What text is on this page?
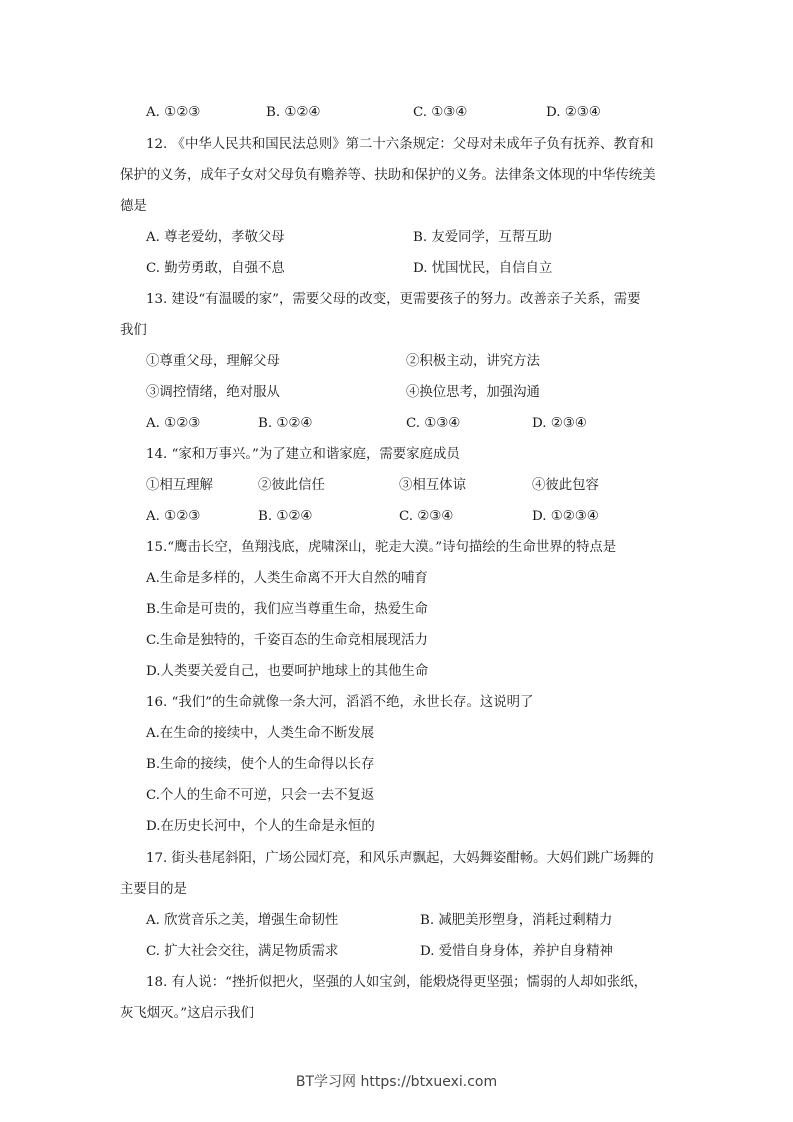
A. ①②③	B. ①②④	C. ①③④	D. ②③④
12. 《中华人民共和国民法总则》第二十六条规定：父母对未成年子负有抚养、教育和
保护的义务，成年子女对父母负有赡养等、扶助和保护的义务。法律条文体现的中华传统美
德是
A. 尊老爱幼，孝敬父母	B. 友爱同学，互帮互助
C. 勤劳勇敢，自强不息	D. 忧国忧民，自信自立
13. 建设“有温暖的家”，需要父母的改变，更需要孩子的努力。改善亲子关系，需要
我们
①尊重父母，理解父母	②积极主动，讲究方法
③调控情绪，绝对服从	④换位思考，加强沟通
A. ①②③	B. ①②④	C. ①③④	D. ②③④
14. “家和万事兴。”为了建立和谐家庭，需要家庭成员
①相互理解	②彼此信任	③相互体谅	④彼此包容
A. ①②③	B. ①②④	C. ②③④	D. ①②③④
15.“鹰击长空，鱼翔浅底，虎啸深山，驼走大漠。”诗句描绘的生命世界的特点是
A.生命是多样的，人类生命离不开大自然的哺育
B.生命是可贵的，我们应当尊重生命，热爱生命
C.生命是独特的，千姿百态的生命竞相展现活力
D.人类要关爱自己，也要呵护地球上的其他生命
16. “我们”的生命就像一条大河，滔滔不绝，永世长存。这说明了
A.在生命的接续中，人类生命不断发展
B.生命的接续，使个人的生命得以长存
C.个人的生命不可逆，只会一去不复返
D.在历史长河中，个人的生命是永恒的
17. 街头巷尾斜阳，广场公园灯亮，和风乐声飘起，大妈舞姿酣畅。大妈们跳广场舞的
主要目的是
A. 欣赏音乐之美，增强生命韧性	B. 减肥美形塑身，消耗过剩精力
C. 扩大社会交往，满足物质需求	D. 爱惜自身身体，养护自身精神
18. 有人说：“挫折似把火，坚强的人如宝剑，能煅烧得更坚强；懦弱的人却如张纸，
灰飞烟灭。”这启示我们
BT学习网 https://btxuexi.com
